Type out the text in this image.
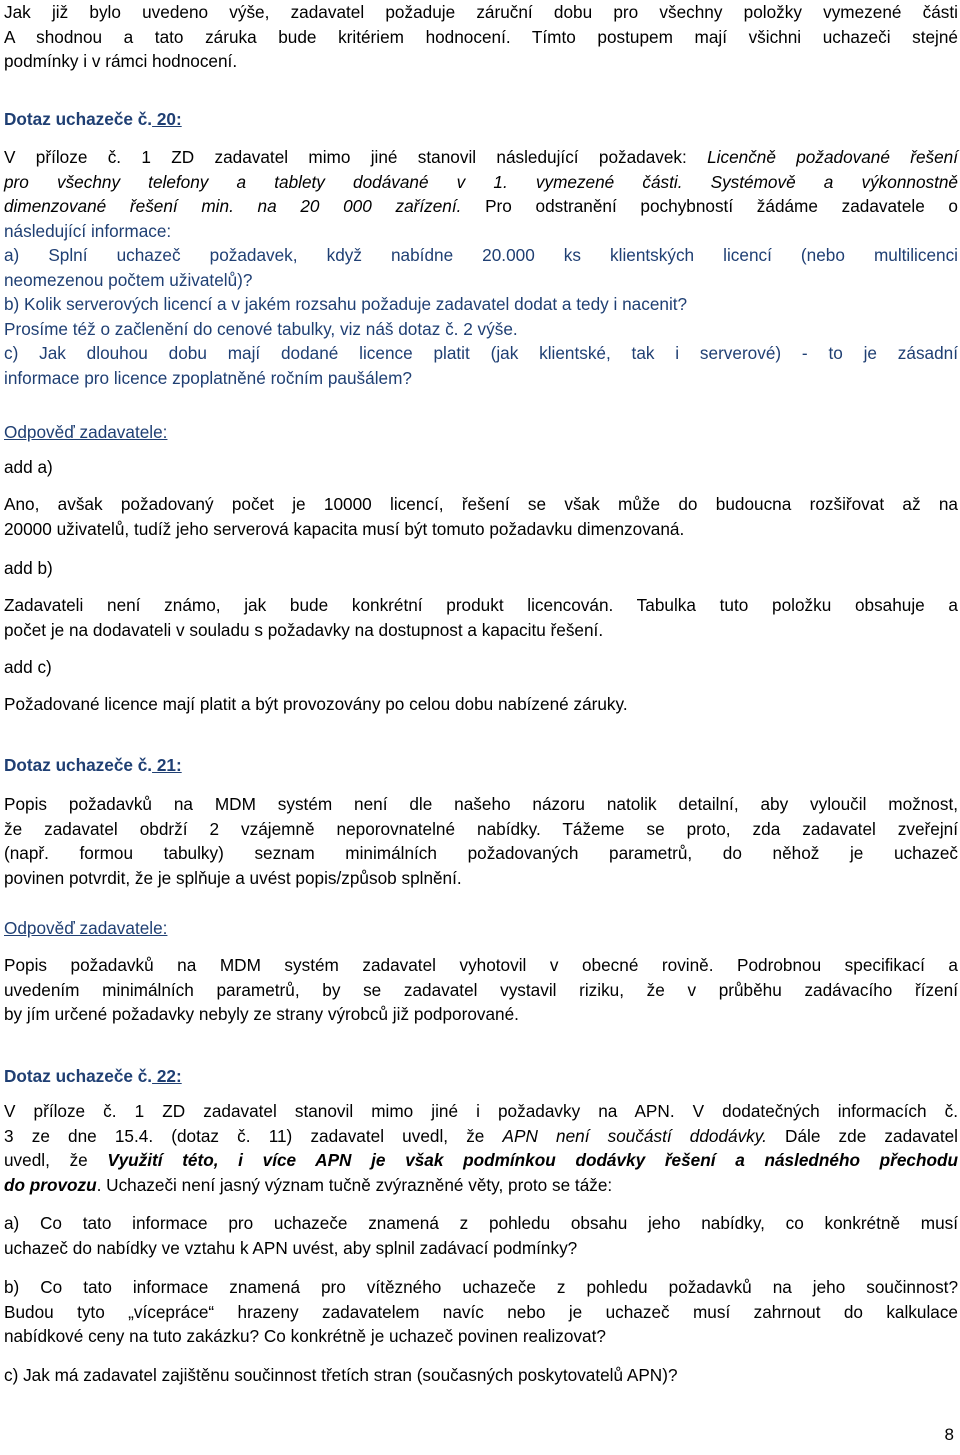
Jak již bylo uvedeno výše, zadavatel požaduje záruční dobu pro všechny položky vymezené části
A shodnou a tato záruka bude kritériem hodnocení. Tímto postupem mají všichni uchazeči stejné
podmínky i v rámci hodnocení.
Dotaz uchazeče č. 20:
V příloze č. 1 ZD zadavatel mimo jiné stanovil následující požadavek: Licenčně požadované řešení
pro všechny telefony a tablety dodávané v 1. vymezené části. Systémově a výkonnostně
dimenzované řešení min. na 20 000 zařízení. Pro odstranění pochybností žádáme zadavatele o
následující informace:
a) Splní uchazeč požadavek, když nabídne 20.000 ks klientských licencí (nebo multilicenci
neomezenou počtem uživatelů)?
b) Kolik serverových licencí a v jakém rozsahu požaduje zadavatel dodat a tedy i nacenit?
Prosíme též o začlenění do cenové tabulky, viz náš dotaz č. 2 výše.
c) Jak dlouhou dobu mají dodané licence platit (jak klientské, tak i serverové) - to je zásadní
informace pro licence zpoplatněné ročním paušálem?
Odpověď zadavatele:
add a)
Ano, avšak požadovaný počet je 10000 licencí, řešení se však může do budoucna rozšiřovat až na
20000 uživatelů, tudíž jeho serverová kapacita musí být tomuto požadavku dimenzovaná.
add b)
Zadavateli není známo, jak bude konkrétní produkt licencován. Tabulka tuto položku obsahuje a
počet je na dodavateli v souladu s požadavky na dostupnost a kapacitu řešení.
add c)
Požadované licence mají platit a být provozovány po celou dobu nabízené záruky.
Dotaz uchazeče č. 21:
Popis požadavků na MDM systém není dle našeho názoru natolik detailní, aby vyloučil možnost,
že zadavatel obdrží 2 vzájemně neporovnatelné nabídky. Tážeme se proto, zda zadavatel zveřejní
(např. formou tabulky) seznam minimálních požadovaných parametrů, do něhož je uchazeč
povinen potvrdit, že je splňuje a uvést popis/způsob splnění.
Odpověď zadavatele:
Popis požadavků na MDM systém zadavatel vyhotovil v obecné rovině. Podrobnou specifikací a
uvedením minimálních parametrů, by se zadavatel vystavil riziku, že v průběhu zadávacího řízení
by jím určené požadavky nebyly ze strany výrobců již podporované.
Dotaz uchazeče č. 22:
V příloze č. 1 ZD zadavatel stanovil mimo jiné i požadavky na APN. V dodatečných informacích č.
3 ze dne 15.4. (dotaz č. 11) zadavatel uvedl, že APN není součástí ddodávky. Dále zde zadavatel
uvedl, že Využití této, i více APN je však podmínkou dodávky řešení a následného přechodu
do provozu. Uchazeči není jasný význam tučně zvýrazněné věty, proto se táže:
a) Co tato informace pro uchazeče znamená z pohledu obsahu jeho nabídky, co konkrétně musí
uchazeč do nabídky ve vztahu k APN uvést, aby splnil zadávací podmínky?
b) Co tato informace znamená pro vítězného uchazeče z pohledu požadavků na jeho součinnost?
Budou tyto „vícepráce“ hrazeny zadavatelem navíc nebo je uchazeč musí zahrnout do kalkulace
nabídkové ceny na tuto zakázku? Co konkrétně je uchazeč povinen realizovat?
c) Jak má zadavatel zajištěnu součinnost třetích stran (současných poskytovatelů APN)?
8
